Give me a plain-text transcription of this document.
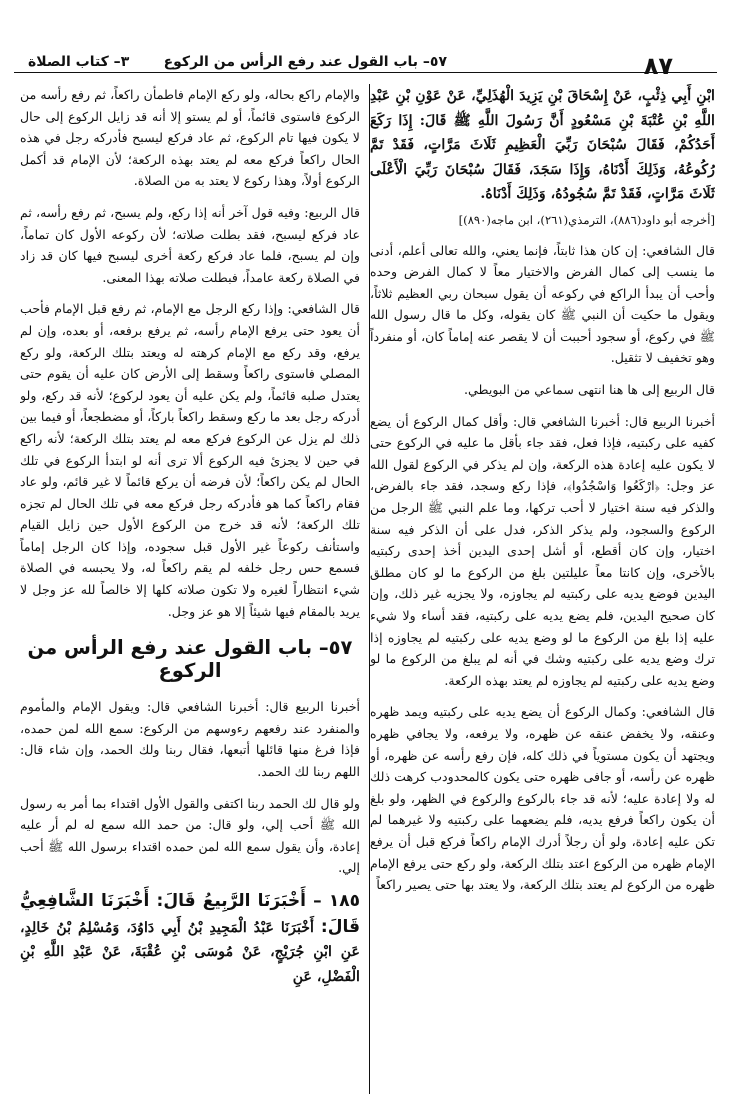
٨٧
٥٧– باب القول عند رفع الرأس من الركوع
٣– كتاب الصلاة

ابْنِ أَبِي ذِئْبٍ، عَنْ إِسْحَاقَ بْنِ يَزِيدَ الْهُذَلِيِّ، عَنْ عَوْنِ بْنِ عَبْدِ اللَّهِ بْنِ عُتْبَةَ بْنِ مَسْعُودٍ أَنَّ رَسُولَ اللَّهِ ﷺ قَالَ: إِذَا رَكَعَ أَحَدُكُمْ، فَقَالَ سُبْحَانَ رَبِّيَ الْعَظِيمِ ثَلَاثَ مَرَّاتٍ، فَقَدْ تَمَّ رُكُوعُهُ، وَذَلِكَ أَدْنَاهُ، وَإِذَا سَجَدَ، فَقَالَ سُبْحَانَ رَبِّيَ الْأَعْلَى ثَلَاثَ مَرَّاتٍ، فَقَدْ تَمَّ سُجُودُهُ، وَذَلِكَ أَدْنَاهُ.

[أخرجه أبو داود(٨٨٦)، الترمذي(٢٦١)، ابن ماجه(٨٩٠)]

قال الشافعي: إن كان هذا ثابتاً، فإنما يعني، والله تعالى أعلم، أدنى ما ينسب إلى كمال الفرض والاختيار معاً لا كمال الفرض وحده وأحب أن يبدأ الراكع في ركوعه أن يقول سبحان ربي العظيم ثلاثاً، ويقول ما حكيت أن النبي ﷺ كان يقوله، وكل ما قال رسول الله ﷺ في ركوع، أو سجود أحببت أن لا يقصر عنه إماماً كان، أو منفرداً وهو تخفيف لا تثقيل.

قال الربيع إلى ها هنا انتهى سماعي من البويطي.

أخبرنا الربيع قال: أخبرنا الشافعي قال: وأقل كمال الركوع أن يضع كفيه على ركبتيه، فإذا فعل، فقد جاء بأقل ما عليه في الركوع حتى لا يكون عليه إعادة هذه الركعة، وإن لم يذكر في الركوع لقول الله عز وجل: ﴿ارْكَعُوا وَاسْجُدُوا﴾، فإذا ركع وسجد، فقد جاء بالفرض، والذكر فيه سنة اختيار لا أحب تركها، وما علم النبي ﷺ الرجل من الركوع والسجود، ولم يذكر الذكر، فدل على أن الذكر فيه سنة اختيار، وإن كان أقطع، أو أشل إحدى اليدين أخذ إحدى ركبتيه بالأخرى، وإن كانتا معاً عليلتين بلغ من الركوع ما لو كان مطلق اليدين فوضع يديه على ركبتيه لم يجاوزه، ولا يجزيه غير ذلك، وإن كان صحيح اليدين، فلم يضع يديه على ركبتيه، فقد أساء ولا شيء عليه إذا بلغ من الركوع ما لو وضع يديه على ركبتيه لم يجاوزه إذا ترك وضع يديه على ركبتيه وشك في أنه لم يبلغ من الركوع ما لو وضع يديه على ركبتيه لم يجاوزه لم يعتد بهذه الركعة.

قال الشافعي: وكمال الركوع أن يضع يديه على ركبتيه ويمد ظهره وعنقه، ولا يخفض عنقه عن ظهره، ولا يرفعه، ولا يجافي ظهره ويجتهد أن يكون مستوياً في ذلك كله، فإن رفع رأسه عن ظهره، أو ظهره عن رأسه، أو جافى ظهره حتى يكون كالمحدودب كرهت ذلك له ولا إعادة عليه؛ لأنه قد جاء بالركوع والركوع في الظهر، ولو بلغ أن يكون راكعاً فرفع يديه، فلم يضعهما على ركبتيه ولا غيرهما لم تكن عليه إعادة، ولو أن رجلاً أدرك الإمام راكعاً فركع قبل أن يرفع الإمام ظهره من الركوع اعتد بتلك الركعة، ولو ركع حتى يرفع الإمام ظهره من الركوع لم يعتد بتلك الركعة، ولا يعتد بها حتى يصير راكعاً

والإمام راكع بحاله، ولو ركع الإمام فاطمأن راكعاً، ثم رفع رأسه من الركوع فاستوى قائماً، أو لم يستو إلا أنه قد زايل الركوع إلى حال لا يكون فيها تام الركوع، ثم عاد فركع ليسبح فأدركه رجل في هذه الحال راكعاً فركع معه لم يعتد بهذه الركعة؛ لأن الإمام قد أكمل الركوع أولاً، وهذا ركوع لا يعتد به من الصلاة.

قال الربيع: وفيه قول آخر أنه إذا ركع، ولم يسبح، ثم رفع رأسه، ثم عاد فركع ليسبح، فقد بطلت صلاته؛ لأن ركوعه الأول كان تماماً، وإن لم يسبح، فلما عاد فركع ركعة أخرى ليسبح فيها كان قد زاد في الصلاة ركعة عامداً، فبطلت صلاته بهذا المعنى.

قال الشافعي: وإذا ركع الرجل مع الإمام، ثم رفع قبل الإمام فأحب أن يعود حتى يرفع الإمام رأسه، ثم يرفع برفعه، أو بعده، وإن لم يرفع، وقد ركع مع الإمام كرهته له ويعتد بتلك الركعة، ولو ركع المصلي فاستوى راكعاً وسقط إلى الأرض كان عليه أن يقوم حتى يعتدل صلبه قائماً، ولم يكن عليه أن يعود لركوع؛ لأنه قد ركع، ولو أدركه رجل بعد ما ركع وسقط راكعاً باركاً، أو مضطجعاً، أو فيما بين ذلك لم يزل عن الركوع فركع معه لم يعتد بتلك الركعة؛ لأنه راكع في حين لا يجزئ فيه الركوع ألا ترى أنه لو ابتدأ الركوع في تلك الحال لم يكن راكعاً؛ لأن فرضه أن يركع قائماً لا غير قائم، ولو عاد فقام راكعاً كما هو فأدركه رجل فركع معه في تلك الحال لم تجزه تلك الركعة؛ لأنه قد خرج من الركوع الأول حين زايل القيام واستأنف ركوعاً غير الأول قبل سجوده، وإذا كان الرجل إماماً فسمع حس رجل خلفه لم يقم راكعاً له، ولا يحبسه في الصلاة شيء انتظاراً لغيره ولا تكون صلاته كلها إلا خالصاً لله عز وجل لا يريد بالمقام فيها شيئاً إلا هو عز وجل.

٥٧– باب القول عند رفع الرأس من الركوع

أخبرنا الربيع قال: أخبرنا الشافعي قال: ويقول الإمام والمأموم والمنفرد عند رفعهم رءوسهم من الركوع: سمع الله لمن حمده، فإذا فرغ منها قائلها أتبعها، فقال ربنا ولك الحمد، وإن شاء قال: اللهم ربنا لك الحمد.

ولو قال لك الحمد ربنا اكتفى والقول الأول اقتداء بما أمر به رسول الله ﷺ أحب إلي، ولو قال: من حمد الله سمع له لم أر عليه إعادة، وأن يقول سمع الله لمن حمده اقتداء برسول الله ﷺ أحب إلي.

١٨٥ – أَخْبَرَنَا الرَّبِيعُ قَالَ: أَخْبَرَنَا الشَّافِعِيُّ قَالَ: أَخْبَرَنَا عَبْدُ الْمَجِيدِ بْنُ أَبِي دَاوُدَ، وَمُسْلِمُ بْنُ خَالِدٍ، عَنِ ابْنِ جُرَيْجٍ، عَنْ مُوسَى بْنِ عُقْبَةَ، عَنْ عَبْدِ اللَّهِ بْنِ الْفَضْلِ، عَنِ
